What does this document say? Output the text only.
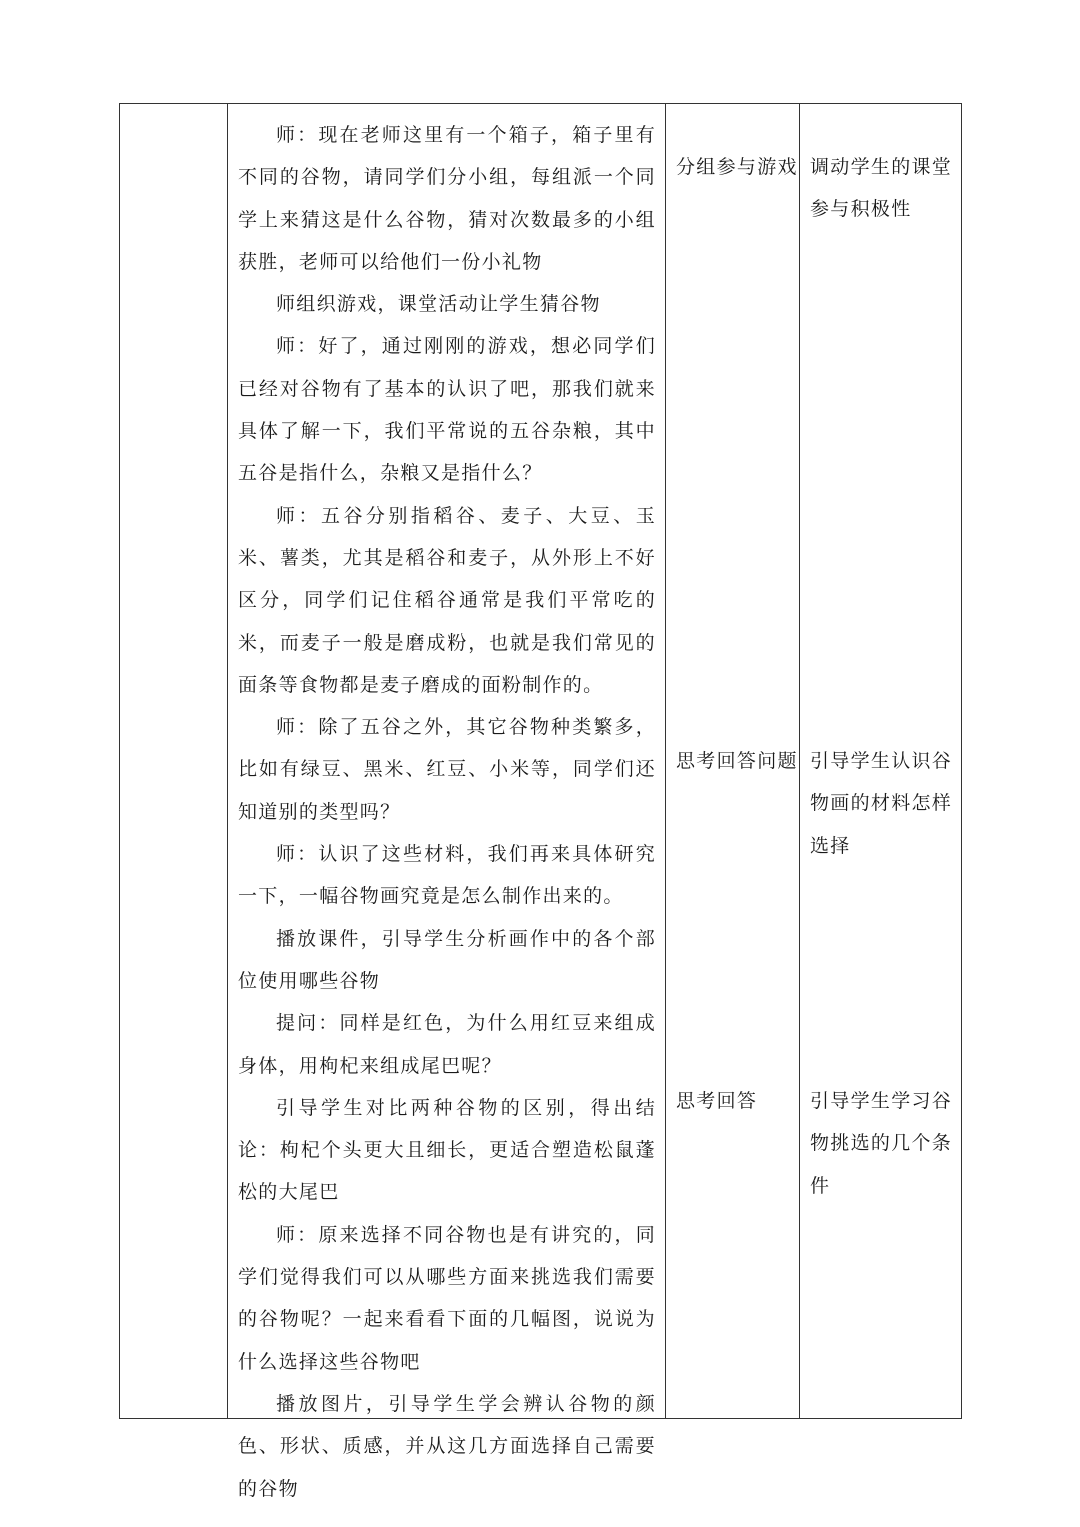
师：现在老师这里有一个箱子，箱子里有不同的谷物，请同学们分小组，每组派一个同学上来猜这是什么谷物，猜对次数最多的小组获胜，老师可以给他们一份小礼物

师组织游戏，课堂活动让学生猜谷物

师：好了，通过刚刚的游戏，想必同学们已经对谷物有了基本的认识了吧，那我们就来具体了解一下，我们平常说的五谷杂粮，其中五谷是指什么，杂粮又是指什么？

师：五谷分别指稻谷、麦子、大豆、玉米、薯类，尤其是稻谷和麦子，从外形上不好区分，同学们记住稻谷通常是我们平常吃的米，而麦子一般是磨成粉，也就是我们常见的面条等食物都是麦子磨成的面粉制作的。

师：除了五谷之外，其它谷物种类繁多，比如有绿豆、黑米、红豆、小米等，同学们还知道别的类型吗？

师：认识了这些材料，我们再来具体研究一下，一幅谷物画究竟是怎么制作出来的。

播放课件，引导学生分析画作中的各个部位使用哪些谷物

提问：同样是红色，为什么用红豆来组成身体，用枸杞来组成尾巴呢？

引导学生对比两种谷物的区别，得出结论：枸杞个头更大且细长，更适合塑造松鼠蓬松的大尾巴

师：原来选择不同谷物也是有讲究的，同学们觉得我们可以从哪些方面来挑选我们需要的谷物呢？一起来看看下面的几幅图，说说为什么选择这些谷物吧

播放图片，引导学生学会辨认谷物的颜色、形状、质感，并从这几方面选择自己需要的谷物

分组参与游戏

思考回答问题

思考回答

调动学生的课堂参与积极性

引导学生认识谷物画的材料怎样选择

引导学生学习谷物挑选的几个条件
